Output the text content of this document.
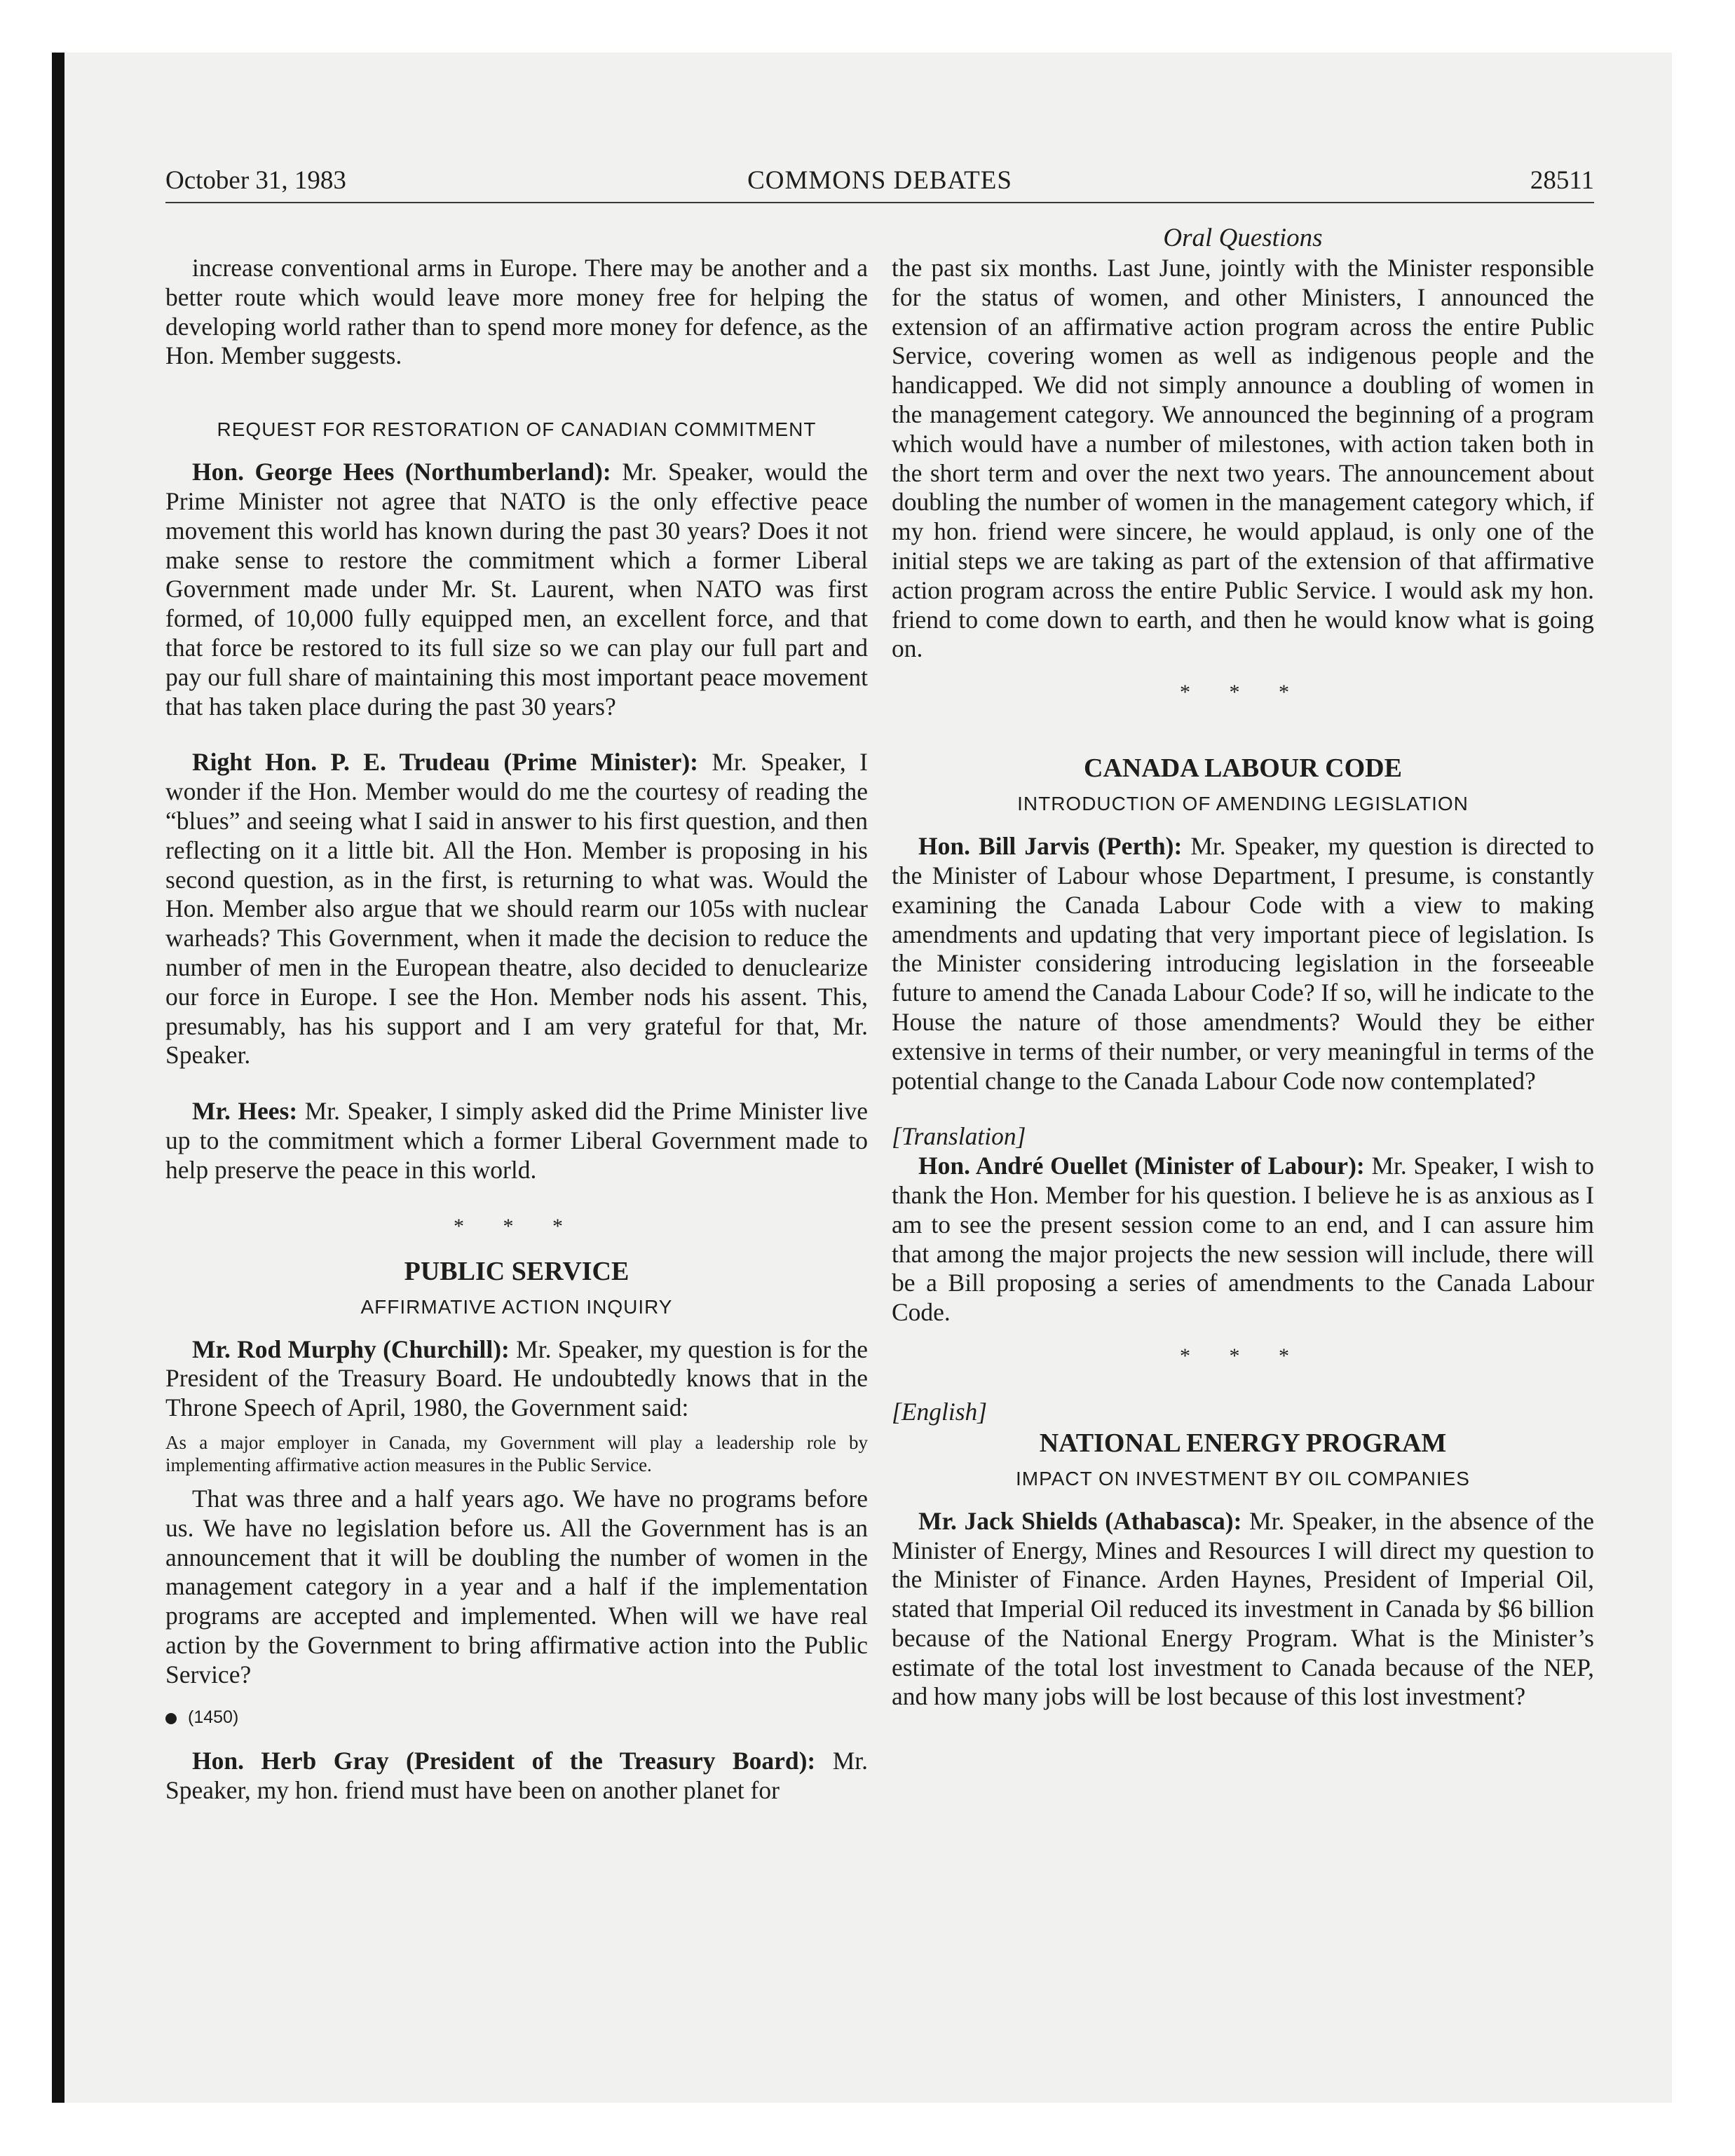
October 31, 1983	COMMONS DEBATES	28511
Oral Questions

increase conventional arms in Europe. There may be another and a better route which would leave more money free for helping the developing world rather than to spend more money for defence, as the Hon. Member suggests.

REQUEST FOR RESTORATION OF CANADIAN COMMITMENT

Hon. George Hees (Northumberland): Mr. Speaker, would the Prime Minister not agree that NATO is the only effective peace movement this world has known during the past 30 years? Does it not make sense to restore the commitment which a former Liberal Government made under Mr. St. Laurent, when NATO was first formed, of 10,000 fully equipped men, an excellent force, and that that force be restored to its full size so we can play our full part and pay our full share of maintaining this most important peace movement that has taken place during the past 30 years?

Right Hon. P. E. Trudeau (Prime Minister): Mr. Speaker, I wonder if the Hon. Member would do me the courtesy of reading the “blues” and seeing what I said in answer to his first question, and then reflecting on it a little bit. All the Hon. Member is proposing in his second question, as in the first, is returning to what was. Would the Hon. Member also argue that we should rearm our 105s with nuclear warheads? This Government, when it made the decision to reduce the number of men in the European theatre, also decided to denuclearize our force in Europe. I see the Hon. Member nods his assent. This, presumably, has his support and I am very grateful for that, Mr. Speaker.

Mr. Hees: Mr. Speaker, I simply asked did the Prime Minister live up to the commitment which a former Liberal Government made to help preserve the peace in this world.

* * *

PUBLIC SERVICE

AFFIRMATIVE ACTION INQUIRY

Mr. Rod Murphy (Churchill): Mr. Speaker, my question is for the President of the Treasury Board. He undoubtedly knows that in the Throne Speech of April, 1980, the Government said:

As a major employer in Canada, my Government will play a leadership role by implementing affirmative action measures in the Public Service.

That was three and a half years ago. We have no programs before us. We have no legislation before us. All the Government has is an announcement that it will be doubling the number of women in the management category in a year and a half if the implementation programs are accepted and implemented. When will we have real action by the Government to bring affirmative action into the Public Service?

(1450)

Hon. Herb Gray (President of the Treasury Board): Mr. Speaker, my hon. friend must have been on another planet for

the past six months. Last June, jointly with the Minister responsible for the status of women, and other Ministers, I announced the extension of an affirmative action program across the entire Public Service, covering women as well as indigenous people and the handicapped. We did not simply announce a doubling of women in the management category. We announced the beginning of a program which would have a number of milestones, with action taken both in the short term and over the next two years. The announcement about doubling the number of women in the management category which, if my hon. friend were sincere, he would applaud, is only one of the initial steps we are taking as part of the extension of that affirmative action program across the entire Public Service. I would ask my hon. friend to come down to earth, and then he would know what is going on.

* * *

CANADA LABOUR CODE

INTRODUCTION OF AMENDING LEGISLATION

Hon. Bill Jarvis (Perth): Mr. Speaker, my question is directed to the Minister of Labour whose Department, I presume, is constantly examining the Canada Labour Code with a view to making amendments and updating that very important piece of legislation. Is the Minister considering introducing legislation in the forseeable future to amend the Canada Labour Code? If so, will he indicate to the House the nature of those amendments? Would they be either extensive in terms of their number, or very meaningful in terms of the potential change to the Canada Labour Code now contemplated?

[Translation]

Hon. André Ouellet (Minister of Labour): Mr. Speaker, I wish to thank the Hon. Member for his question. I believe he is as anxious as I am to see the present session come to an end, and I can assure him that among the major projects the new session will include, there will be a Bill proposing a series of amendments to the Canada Labour Code.

* * *

[English]

NATIONAL ENERGY PROGRAM

IMPACT ON INVESTMENT BY OIL COMPANIES

Mr. Jack Shields (Athabasca): Mr. Speaker, in the absence of the Minister of Energy, Mines and Resources I will direct my question to the Minister of Finance. Arden Haynes, President of Imperial Oil, stated that Imperial Oil reduced its investment in Canada by $6 billion because of the National Energy Program. What is the Minister’s estimate of the total lost investment to Canada because of the NEP, and how many jobs will be lost because of this lost investment?
